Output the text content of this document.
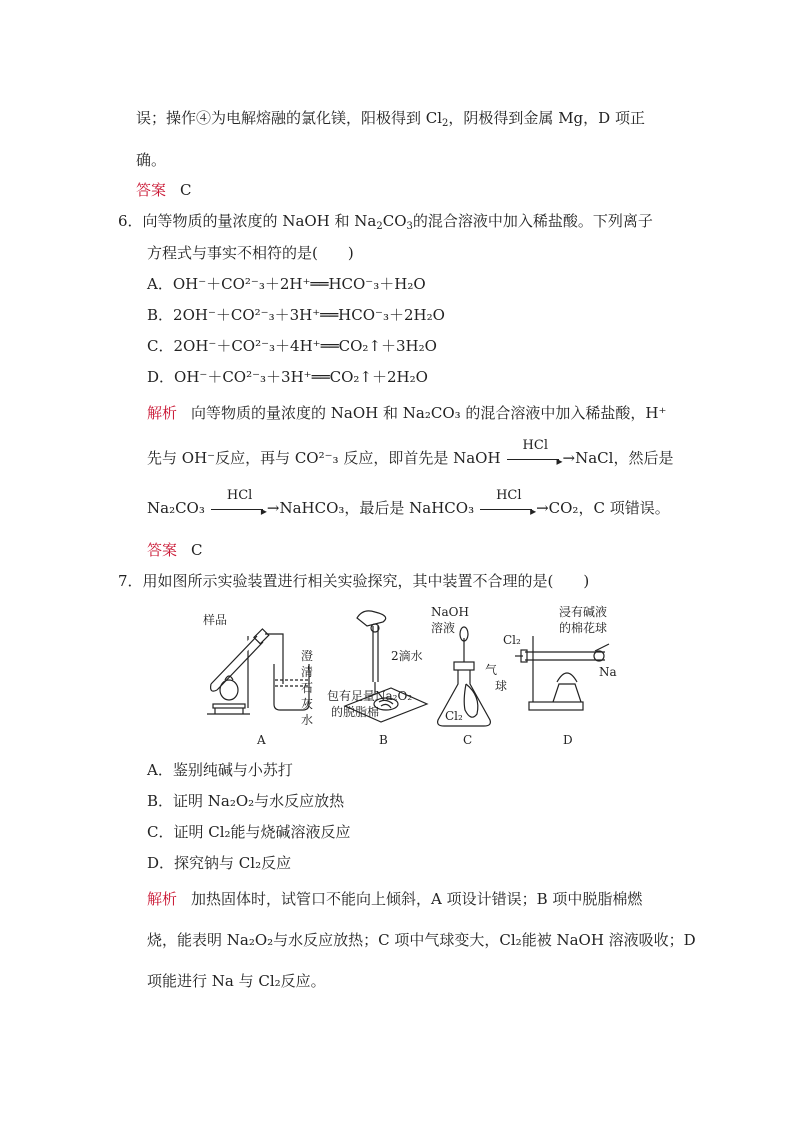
误；操作④为电解熔融的氯化镁，阳极得到 $Cl_2$，阴极得到金属 Mg，D 项正
确。
答案 C
6．向等物质的量浓度的 NaOH 和 $Na_2CO_3$的混合溶液中加入稀盐酸。下列离子
方程式与事实不相符的是(　　)
A．OH⁻＋CO²⁻₃＋2H⁺══HCO⁻₃＋H₂O
B．2OH⁻＋CO²⁻₃＋3H⁺══HCO⁻₃＋2H₂O
C．2OH⁻＋CO²⁻₃＋4H⁺══CO₂↑＋3H₂O
D．OH⁻＋CO²⁻₃＋3H⁺══CO₂↑＋2H₂O
解析 向等物质的量浓度的 NaOH 和 Na₂CO₃ 的混合溶液中加入稀盐酸，H⁺
先与 OH⁻反应，再与 CO²⁻₃ 反应，即首先是 NaOH
HCl
▸ →NaCl，然后是
Na₂CO₃
HCl
▸ →NaHCO₃，最后是 NaHCO₃
HCl
▸ →CO₂，C 项错误。
答案 C
7．用如图所示实验装置进行相关实验探究，其中装置不合理的是(　　)
样品
澄
清
石
灰
水
2滴水
包有足量Na₂O₂
的脱脂棉
NaOH
溶液
气
球
Cl₂
Cl₂
浸有碱液
的棉花球
Na
A	B	C	D
A．鉴别纯碱与小苏打
B．证明 Na₂O₂与水反应放热
C．证明 Cl₂能与烧碱溶液反应
D．探究钠与 Cl₂反应
解析 加热固体时，试管口不能向上倾斜，A 项设计错误；B 项中脱脂棉燃
烧，能表明 Na₂O₂与水反应放热；C 项中气球变大，Cl₂能被 NaOH 溶液吸收；D
项能进行 Na 与 Cl₂反应。
